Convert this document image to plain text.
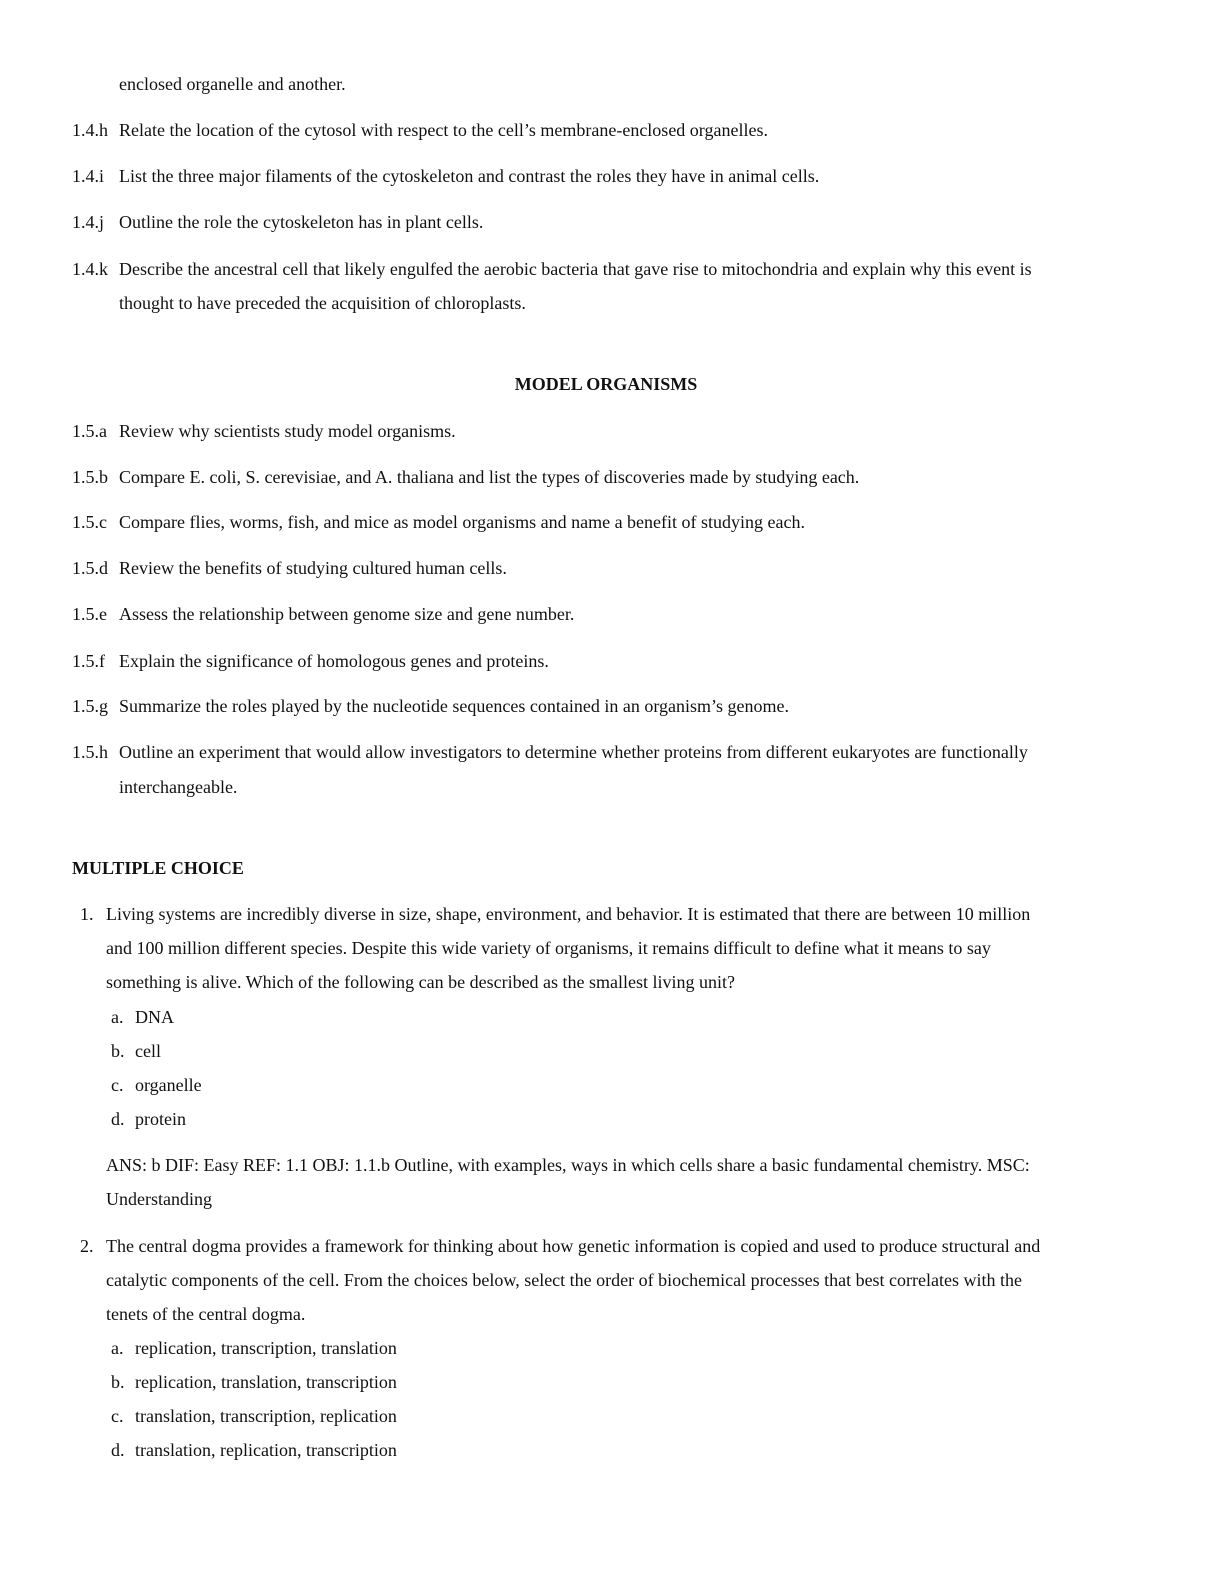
enclosed organelle and another.
1.4.h Relate the location of the cytosol with respect to the cell’s membrane-enclosed organelles.
1.4.i List the three major filaments of the cytoskeleton and contrast the roles they have in animal cells.
1.4.j Outline the role the cytoskeleton has in plant cells.
1.4.k Describe the ancestral cell that likely engulfed the aerobic bacteria that gave rise to mitochondria and explain why this event is
thought to have preceded the acquisition of chloroplasts.
MODEL ORGANISMS
1.5.a Review why scientists study model organisms.
1.5.b Compare E. coli, S. cerevisiae, and A. thaliana and list the types of discoveries made by studying each.
1.5.c Compare flies, worms, fish, and mice as model organisms and name a benefit of studying each.
1.5.d Review the benefits of studying cultured human cells.
1.5.e Assess the relationship between genome size and gene number.
1.5.f Explain the significance of homologous genes and proteins.
1.5.g Summarize the roles played by the nucleotide sequences contained in an organism’s genome.
1.5.h Outline an experiment that would allow investigators to determine whether proteins from different eukaryotes are functionally
interchangeable.
MULTIPLE CHOICE
1. Living systems are incredibly diverse in size, shape, environment, and behavior. It is estimated that there are between 10 million
and 100 million different species. Despite this wide variety of organisms, it remains difficult to define what it means to say
something is alive. Which of the following can be described as the smallest living unit?
a. DNA
b. cell
c. organelle
d. protein
ANS: b DIF: Easy REF: 1.1 OBJ: 1.1.b Outline, with examples, ways in which cells share a basic fundamental chemistry. MSC:
Understanding
2. The central dogma provides a framework for thinking about how genetic information is copied and used to produce structural and
catalytic components of the cell. From the choices below, select the order of biochemical processes that best correlates with the
tenets of the central dogma.
a. replication, transcription, translation
b. replication, translation, transcription
c. translation, transcription, replication
d. translation, replication, transcription
